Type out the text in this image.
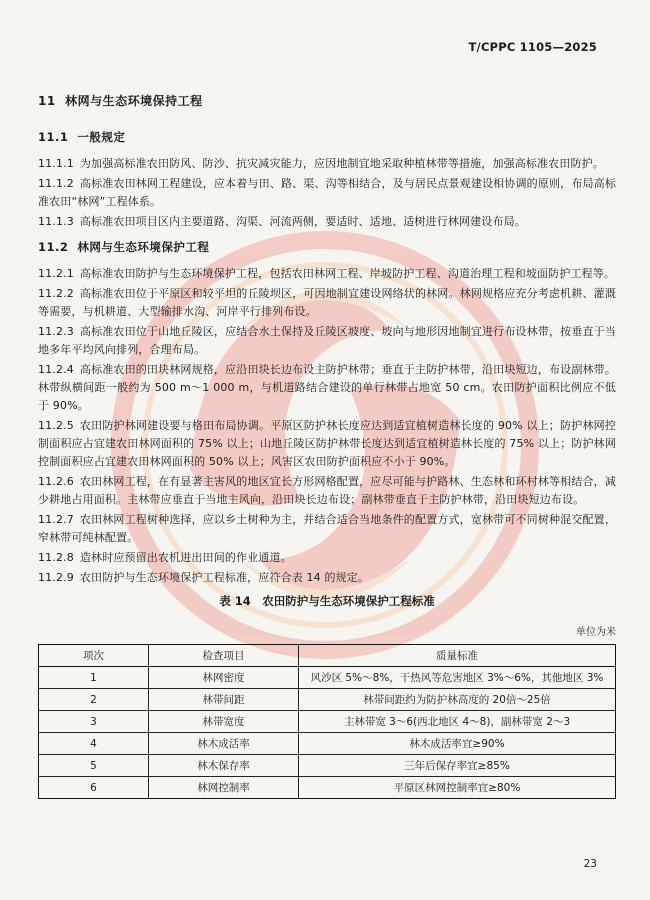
T/CPPC 1105—2025
11 林网与生态环境保持工程
11.1 一般规定

11.1.1 为加强高标准农田防风、防沙、抗灾减灾能力，应因地制宜地采取种植林带等措施，加强高标准农田防护。

11.1.2 高标准农田林网工程建设，应本着与田、路、渠、沟等相结合，及与居民点景观建设相协调的原则，布局高标准农田“林网”工程体系。

11.1.3 高标准农田项目区内主要道路、沟渠、河流两侧，要适时、适地、适树进行林网建设布局。

11.2 林网与生态环境保护工程

11.2.1 高标准农田防护与生态环境保护工程，包括农田林网工程、岸坡防护工程、沟道治理工程和坡面防护工程等。

11.2.2 高标准农田位于平原区和较平坦的丘陵坝区，可因地制宜建设网络状的林网。林网规格应充分考虑机耕、灌溉等需要，与机耕道、大型输排水沟、河岸平行排列布设。

11.2.3 高标准农田位于山地丘陵区，应结合水土保持及丘陵区坡度、坡向与地形因地制宜进行布设林带，按垂直于当地多年平均风向排列，合理布局。

11.2.4 高标准农田的田块林网规格，应沿田块长边布设主防护林带；垂直于主防护林带，沿田块短边，布设副林带。林带纵横间距一般约为 500 m～1 000 m，与机道路结合建设的单行林带占地宽 50 cm。农田防护面积比例应不低于 90%。

11.2.5 农田防护林网建设要与格田布局协调。平原区防护林长度应达到适宜植树造林长度的 90% 以上；防护林网控制面积应占宜建农田林网面积的 75% 以上；山地丘陵区防护林带长度达到适宜植树造林长度的 75% 以上；防护林网控制面积应占宜建农田林网面积的 50% 以上；风害区农田防护面积应不小于 90%。

11.2.6 农田林网工程，在有显著主害风的地区宜长方形网格配置，应尽可能与护路林、生态林和环村林等相结合，减少耕地占用面积。主林带应垂直于当地主风向，沿田块长边布设；副林带垂直于主防护林带，沿田块短边布设。

11.2.7 农田林网工程树种选择，应以乡土树种为主，并结合适合当地条件的配置方式，宽林带可不同树种混交配置，窄林带可纯林配置。

11.2.8 造林时应预留出农机进出田间的作业通道。

11.2.9 农田防护与生态环境保护工程标准，应符合表 14 的规定。

表 14　农田防护与生态环境保护工程标准
单位为米
项次	检查项目	质量标准
1	林网密度	风沙区 5%～8%，干热风等危害地区 3%～6%，其他地区 3%
2	林带间距	林带间距约为防护林高度的 20倍～25倍
3	林带宽度	主林带宽 3～6(西北地区 4～8)，副林带宽 2～3
4	林木成活率	林木成活率宜≥90%
5	林木保存率	三年后保存率宜≥85%
6	林网控制率	平原区林网控制率宜≥80%
23
